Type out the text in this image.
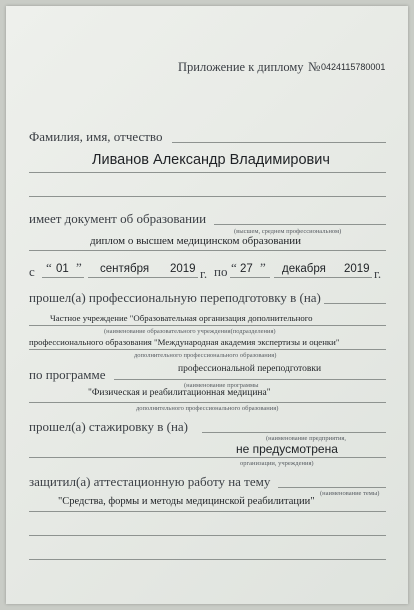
Приложение к диплому № 0424115780001
Фамилия, имя, отчество
Ливанов Александр Владимирович
имеет документ об образовании
(высшем, среднем профессиональном)
диплом о высшем медицинском образовании
с “ 01 ” сентября 2019 г. по “ 27 ” декабря 2019 г.
прошел(а) профессиональную переподготовку в (на)
Частное учреждение "Образовательная организация дополнительного
(наименование образовательного учреждения(подразделения)
профессионального образования "Международная академия экспертизы и оценки"
дополнительного профессионального образования)
по программе	профессиональной переподготовки
(наименование программы
"Физическая и реабилитационная медицина"
дополнительного профессионального образования)
прошел(а) стажировку в (на)
(наименование предприятия,
не предусмотрена
организации, учреждения)
защитил(а) аттестационную работу на тему
(наименование темы)
"Средства, формы и методы медицинской реабилитации"
